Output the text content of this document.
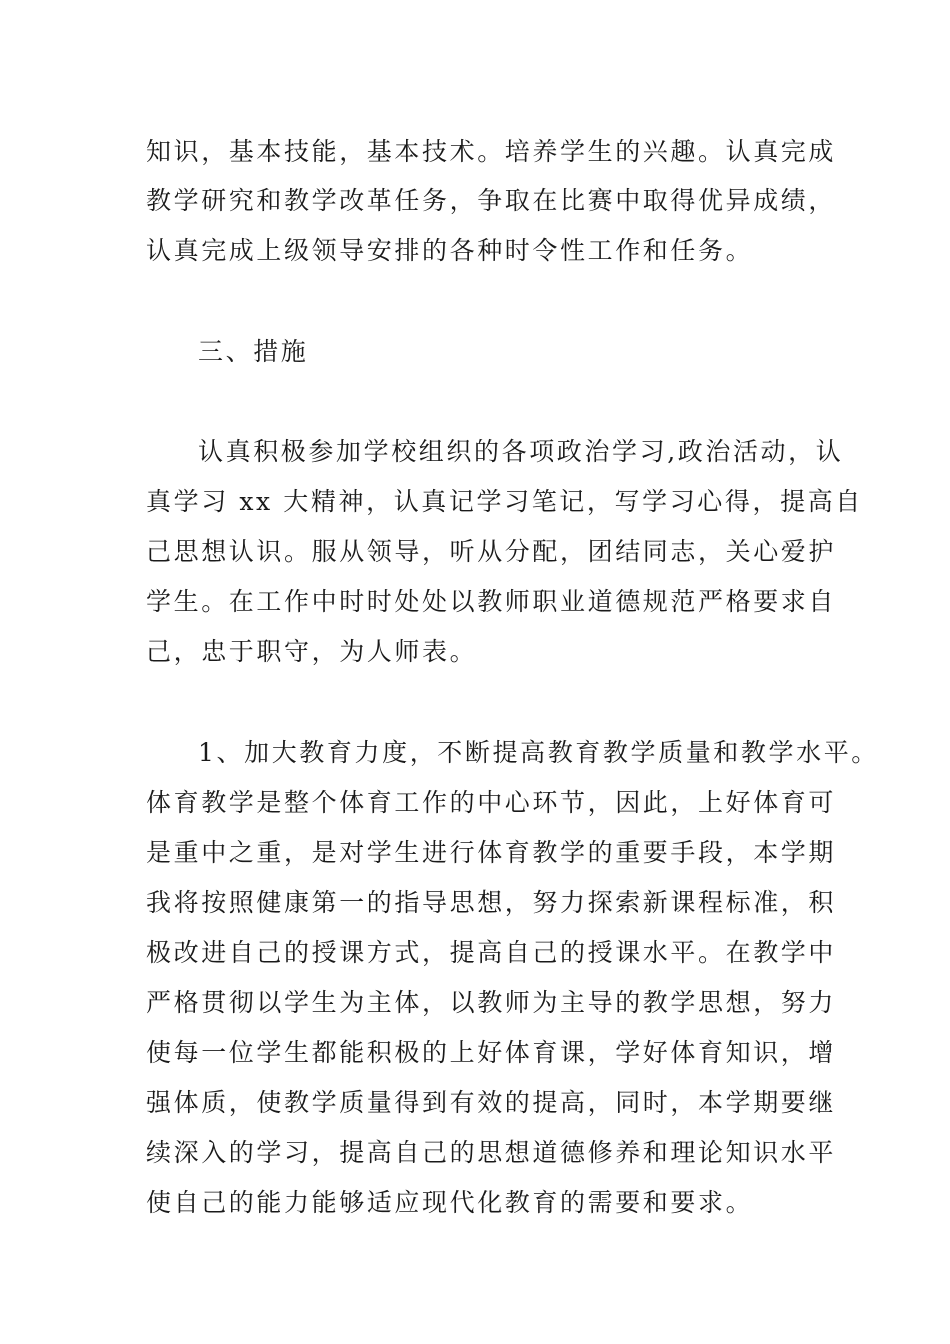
知识，基本技能，基本技术。培养学生的兴趣。认真完成
教学研究和教学改革任务，争取在比赛中取得优异成绩，
认真完成上级领导安排的各种时令性工作和任务。
三、措施
认真积极参加学校组织的各项政治学习,政治活动，认
真学习 xx 大精神，认真记学习笔记，写学习心得，提高自
己思想认识。服从领导，听从分配，团结同志，关心爱护
学生。在工作中时时处处以教师职业道德规范严格要求自
己，忠于职守，为人师表。
1、加大教育力度，不断提高教育教学质量和教学水平。
体育教学是整个体育工作的中心环节，因此，上好体育可
是重中之重，是对学生进行体育教学的重要手段，本学期
我将按照健康第一的指导思想，努力探索新课程标准，积
极改进自己的授课方式，提高自己的授课水平。在教学中
严格贯彻以学生为主体，以教师为主导的教学思想，努力
使每一位学生都能积极的上好体育课，学好体育知识，增
强体质，使教学质量得到有效的提高，同时，本学期要继
续深入的学习，提高自己的思想道德修养和理论知识水平
使自己的能力能够适应现代化教育的需要和要求。
